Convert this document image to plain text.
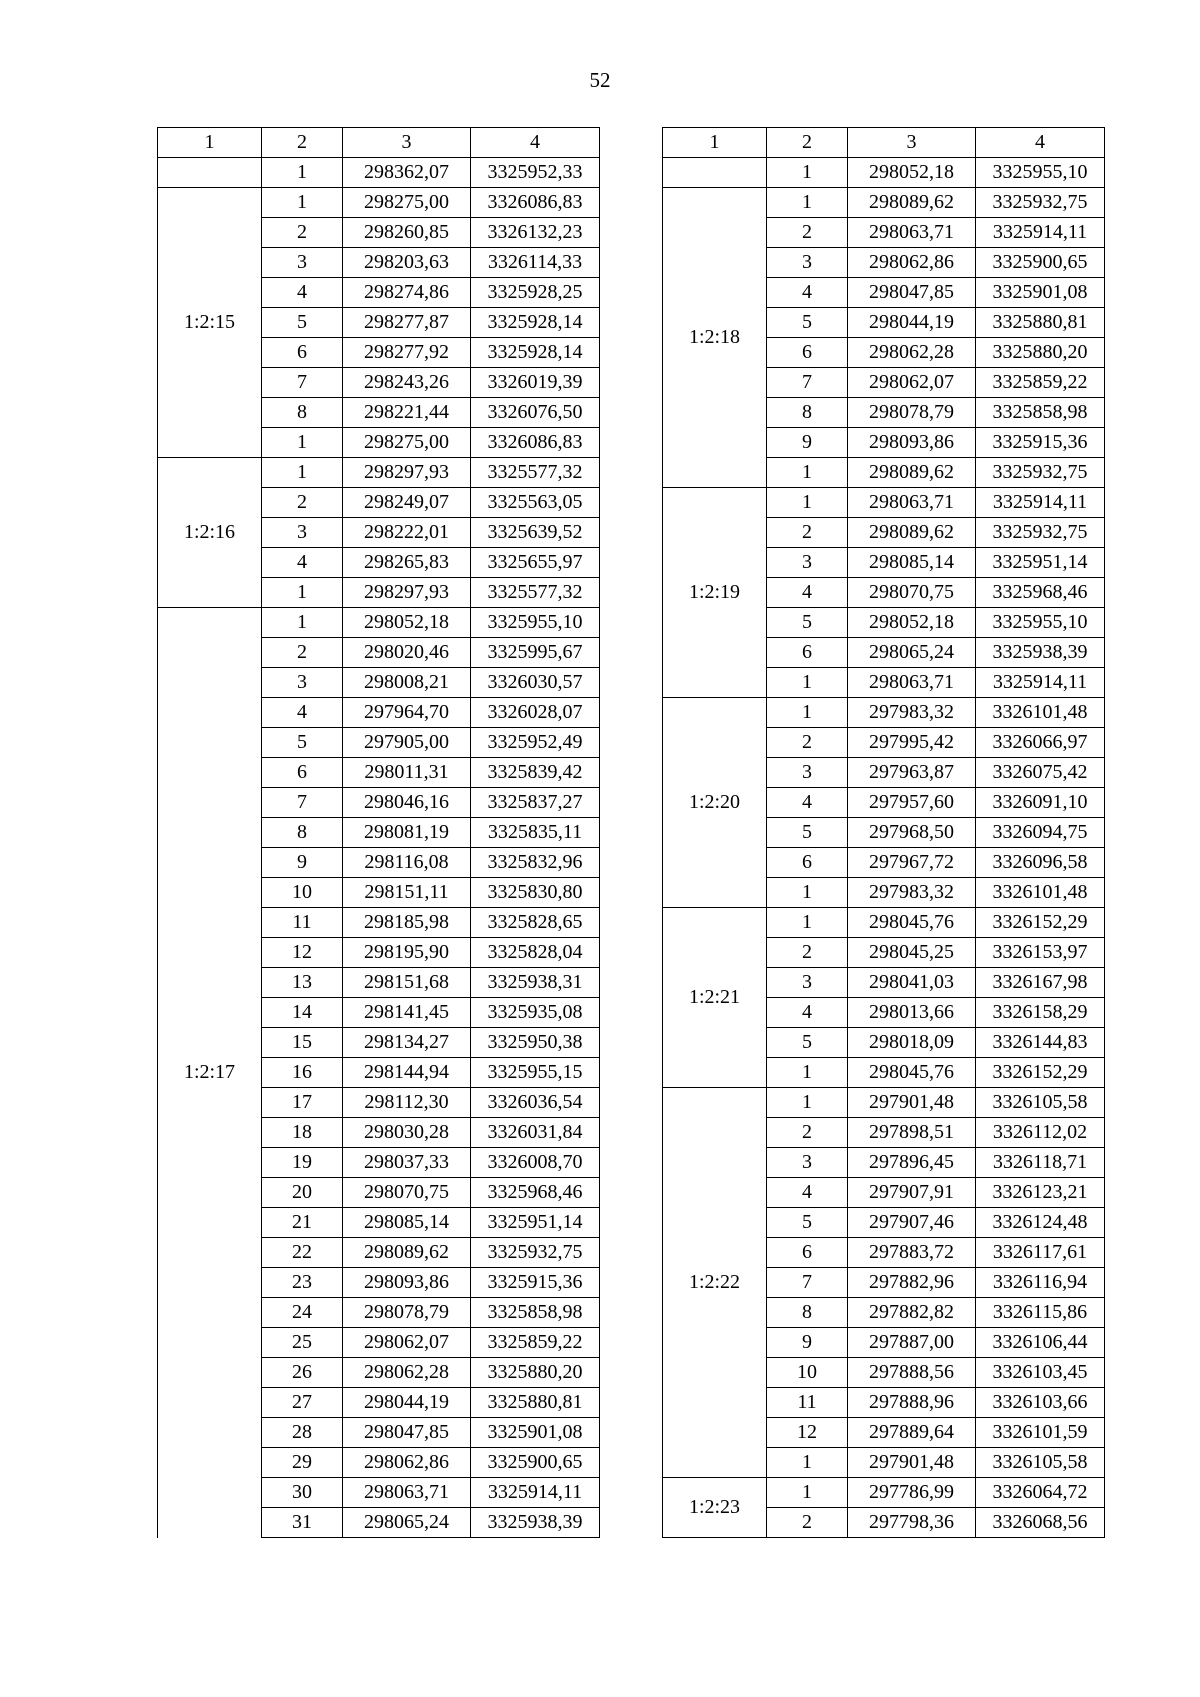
52
1	2	3	4
	1	298362,07	3325952,33
1:2:15	1	298275,00	3326086,83
	2	298260,85	3326132,23
	3	298203,63	3326114,33
	4	298274,86	3325928,25
	5	298277,87	3325928,14
	6	298277,92	3325928,14
	7	298243,26	3326019,39
	8	298221,44	3326076,50
	1	298275,00	3326086,83
1:2:16	1	298297,93	3325577,32
	2	298249,07	3325563,05
	3	298222,01	3325639,52
	4	298265,83	3325655,97
	1	298297,93	3325577,32
1:2:17	1	298052,18	3325955,10
	2	298020,46	3325995,67
	3	298008,21	3326030,57
	4	297964,70	3326028,07
	5	297905,00	3325952,49
	6	298011,31	3325839,42
	7	298046,16	3325837,27
	8	298081,19	3325835,11
	9	298116,08	3325832,96
	10	298151,11	3325830,80
	11	298185,98	3325828,65
	12	298195,90	3325828,04
	13	298151,68	3325938,31
	14	298141,45	3325935,08
	15	298134,27	3325950,38
	16	298144,94	3325955,15
	17	298112,30	3326036,54
	18	298030,28	3326031,84
	19	298037,33	3326008,70
	20	298070,75	3325968,46
	21	298085,14	3325951,14
	22	298089,62	3325932,75
	23	298093,86	3325915,36
	24	298078,79	3325858,98
	25	298062,07	3325859,22
	26	298062,28	3325880,20
	27	298044,19	3325880,81
	28	298047,85	3325901,08
	29	298062,86	3325900,65
	30	298063,71	3325914,11
	31	298065,24	3325938,39
1	2	3	4
	1	298052,18	3325955,10
1:2:18	1	298089,62	3325932,75
	2	298063,71	3325914,11
	3	298062,86	3325900,65
	4	298047,85	3325901,08
	5	298044,19	3325880,81
	6	298062,28	3325880,20
	7	298062,07	3325859,22
	8	298078,79	3325858,98
	9	298093,86	3325915,36
	1	298089,62	3325932,75
1:2:19	1	298063,71	3325914,11
	2	298089,62	3325932,75
	3	298085,14	3325951,14
	4	298070,75	3325968,46
	5	298052,18	3325955,10
	6	298065,24	3325938,39
	1	298063,71	3325914,11
1:2:20	1	297983,32	3326101,48
	2	297995,42	3326066,97
	3	297963,87	3326075,42
	4	297957,60	3326091,10
	5	297968,50	3326094,75
	6	297967,72	3326096,58
	1	297983,32	3326101,48
1:2:21	1	298045,76	3326152,29
	2	298045,25	3326153,97
	3	298041,03	3326167,98
	4	298013,66	3326158,29
	5	298018,09	3326144,83
	1	298045,76	3326152,29
1:2:22	1	297901,48	3326105,58
	2	297898,51	3326112,02
	3	297896,45	3326118,71
	4	297907,91	3326123,21
	5	297907,46	3326124,48
	6	297883,72	3326117,61
	7	297882,96	3326116,94
	8	297882,82	3326115,86
	9	297887,00	3326106,44
	10	297888,56	3326103,45
	11	297888,96	3326103,66
	12	297889,64	3326101,59
	1	297901,48	3326105,58
1:2:23	1	297786,99	3326064,72
	2	297798,36	3326068,56
